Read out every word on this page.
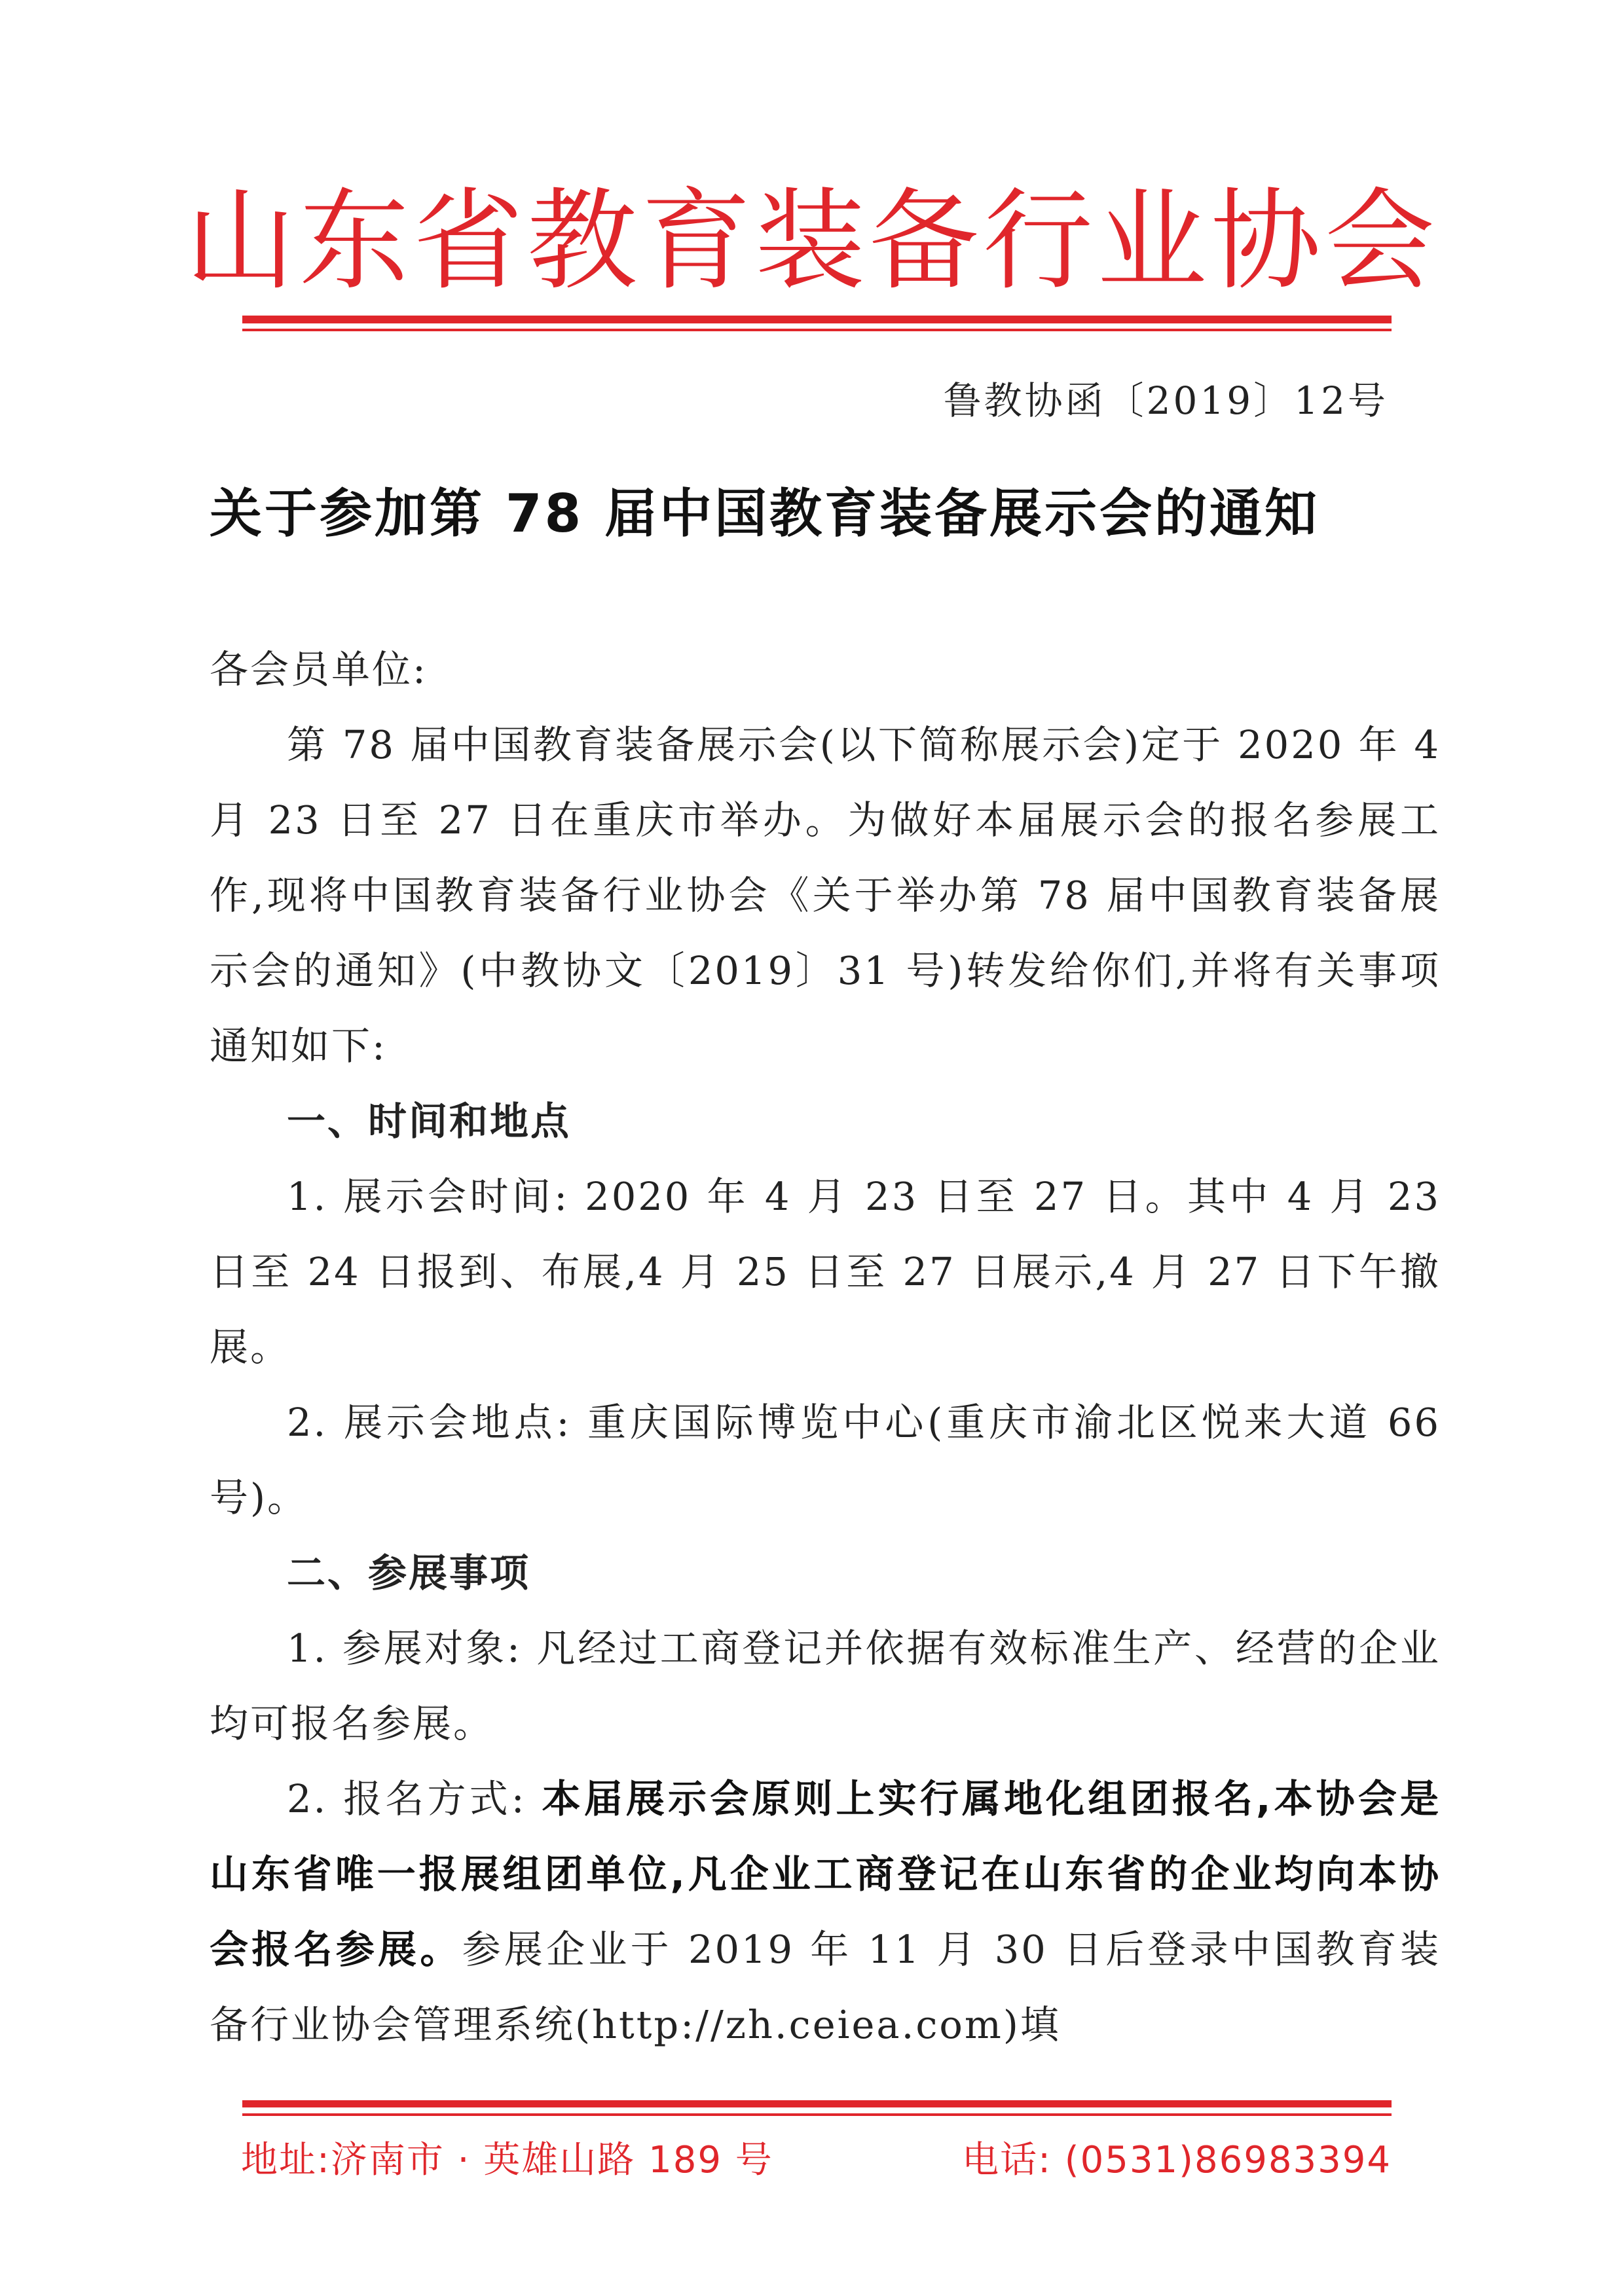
山东省教育装备行业协会
鲁教协函〔2019〕12号
关于参加第 78 届中国教育装备展示会的通知

各会员单位:

第 78 届中国教育装备展示会(以下简称展示会)定于 2020 年 4 月 23 日至 27 日在重庆市举办。为做好本届展示会的报名参展工作,现将中国教育装备行业协会《关于举办第 78 届中国教育装备展示会的通知》(中教协文〔2019〕31 号)转发给你们,并将有关事项通知如下:

一、时间和地点

1. 展示会时间: 2020 年 4 月 23 日至 27 日。其中 4 月 23 日至 24 日报到、布展,4 月 25 日至 27 日展示,4 月 27 日下午撤展。

2. 展示会地点: 重庆国际博览中心(重庆市渝北区悦来大道 66 号)。

二、参展事项

1. 参展对象: 凡经过工商登记并依据有效标准生产、经营的企业均可报名参展。

2. 报名方式: 本届展示会原则上实行属地化组团报名,本协会是山东省唯一报展组团单位,凡企业工商登记在山东省的企业均向本协会报名参展。参展企业于 2019 年 11 月 30 日后登录中国教育装备行业协会管理系统(http://zh.ceiea.com)填

地址:济南市 · 英雄山路 189 号	电话: (0531)86983394
